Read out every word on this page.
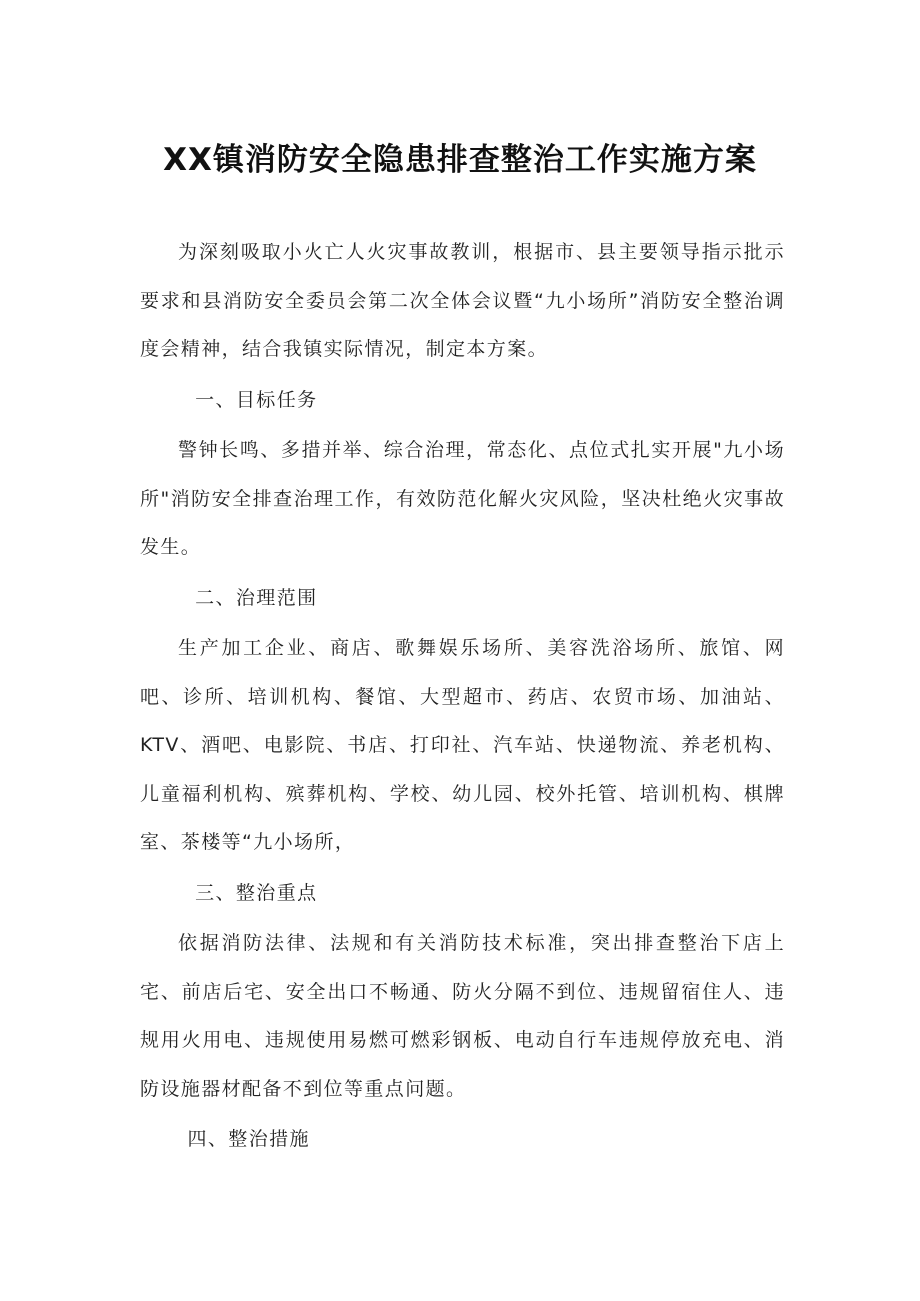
XX镇消防安全隐患排查整治工作实施方案

为深刻吸取小火亡人火灾事故教训，根据市、县主要领导指示批示要求和县消防安全委员会第二次全体会议暨“九小场所”消防安全整治调度会精神，结合我镇实际情况，制定本方案。

一、目标任务

警钟长鸣、多措并举、综合治理，常态化、点位式扎实开展"九小场所"消防安全排查治理工作，有效防范化解火灾风险，坚决杜绝火灾事故发生。

二、治理范围

生产加工企业、商店、歌舞娱乐场所、美容洗浴场所、旅馆、网吧、诊所、培训机构、餐馆、大型超市、药店、农贸市场、加油站、KTV、酒吧、电影院、书店、打印社、汽车站、快递物流、养老机构、儿童福利机构、殡葬机构、学校、幼儿园、校外托管、培训机构、棋牌室、茶楼等“九小场所，

三、整治重点

依据消防法律、法规和有关消防技术标准，突出排查整治下店上宅、前店后宅、安全出口不畅通、防火分隔不到位、违规留宿住人、违规用火用电、违规使用易燃可燃彩钢板、电动自行车违规停放充电、消防设施器材配备不到位等重点问题。

四、整治措施
